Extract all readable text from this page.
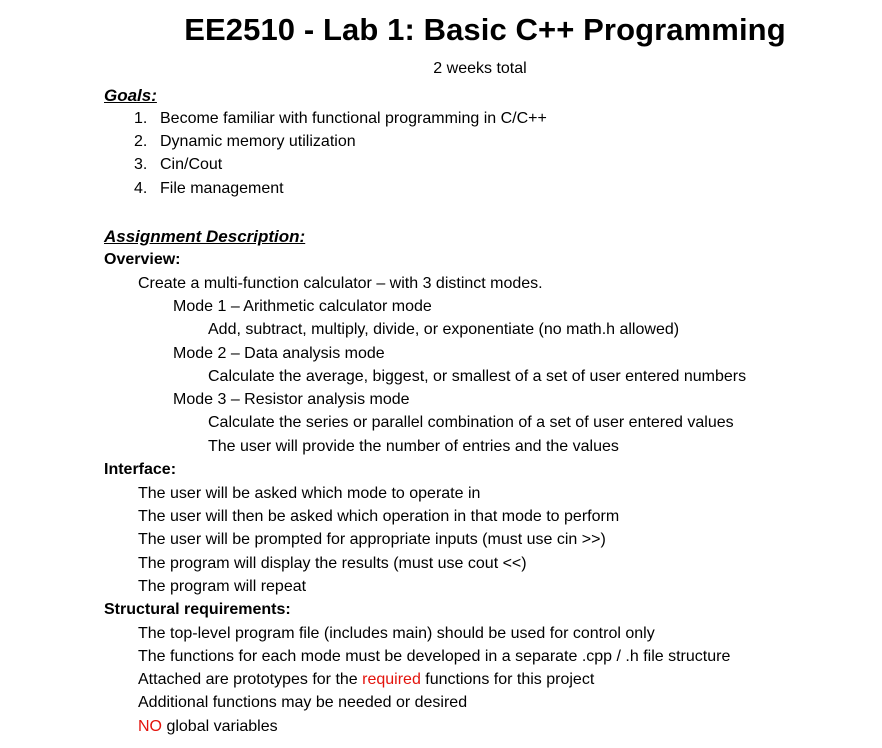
EE2510 - Lab 1: Basic C++ Programming
2 weeks total
Goals:
1. Become familiar with functional programming in C/C++
2. Dynamic memory utilization
3. Cin/Cout
4. File management
Assignment Description:
Overview:
Create a multi-function calculator – with 3 distinct modes.
Mode 1 – Arithmetic calculator mode
Add, subtract, multiply, divide, or exponentiate (no math.h allowed)
Mode 2 – Data analysis mode
Calculate the average, biggest, or smallest of a set of user entered numbers
Mode 3 – Resistor analysis mode
Calculate the series or parallel combination of a set of user entered values
The user will provide the number of entries and the values
Interface:
The user will be asked which mode to operate in
The user will then be asked which operation in that mode to perform
The user will be prompted for appropriate inputs (must use cin >>)
The program will display the results (must use cout <<)
The program will repeat
Structural requirements:
The top-level program file (includes main) should be used for control only
The functions for each mode must be developed in a separate .cpp / .h file structure
Attached are prototypes for the required functions for this project
Additional functions may be needed or desired
NO global variables
